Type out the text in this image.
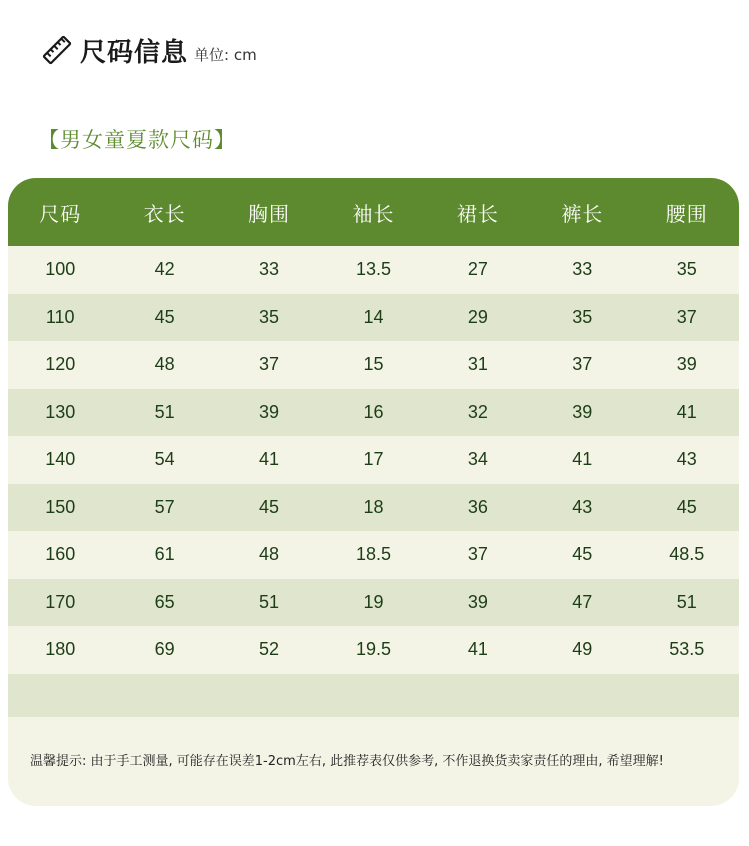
尺码信息 单位: cm
【男女童夏款尺码】
尺码	衣长	胸围	袖长	裙长	裤长	腰围
100	42	33	13.5	27	33	35
110	45	35	14	29	35	37
120	48	37	15	31	37	39
130	51	39	16	32	39	41
140	54	41	17	34	41	43
150	57	45	18	36	43	45
160	61	48	18.5	37	45	48.5
170	65	51	19	39	47	51
180	69	52	19.5	41	49	53.5
温馨提示: 由于手工测量, 可能存在误差1-2cm左右, 此推荐表仅供参考, 不作退换货卖家责任的理由, 希望理解!
